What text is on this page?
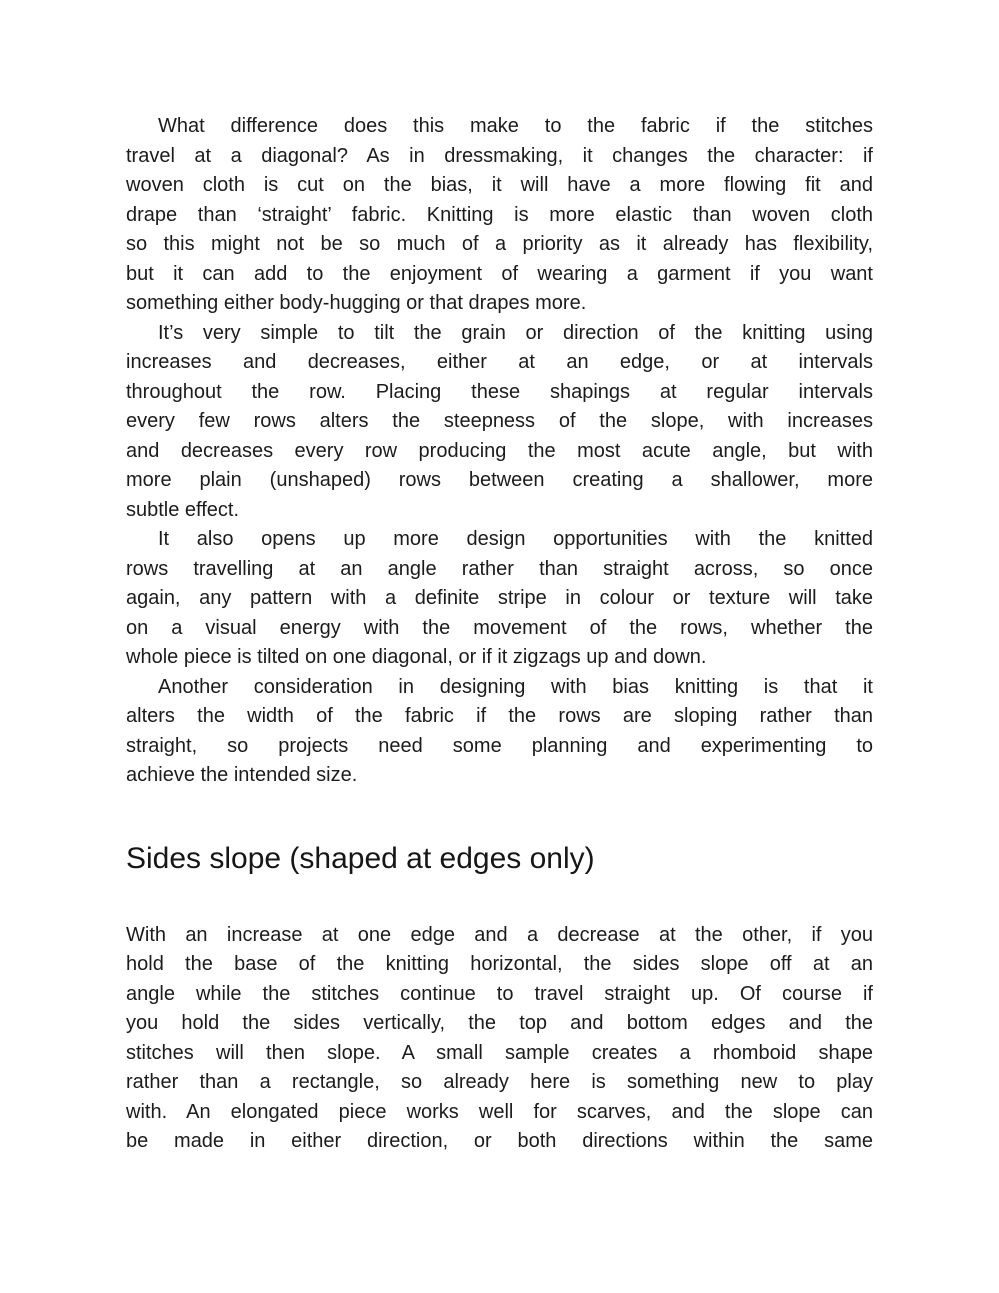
What difference does this make to the fabric if the stitches
travel at a diagonal? As in dressmaking, it changes the character: if
woven cloth is cut on the bias, it will have a more flowing fit and
drape than ‘straight’ fabric. Knitting is more elastic than woven cloth
so this might not be so much of a priority as it already has flexibility,
but it can add to the enjoyment of wearing a garment if you want
something either body-hugging or that drapes more.

It’s very simple to tilt the grain or direction of the knitting using
increases and decreases, either at an edge, or at intervals
throughout the row. Placing these shapings at regular intervals
every few rows alters the steepness of the slope, with increases
and decreases every row producing the most acute angle, but with
more plain (unshaped) rows between creating a shallower, more
subtle effect.

It also opens up more design opportunities with the knitted
rows travelling at an angle rather than straight across, so once
again, any pattern with a definite stripe in colour or texture will take
on a visual energy with the movement of the rows, whether the
whole piece is tilted on one diagonal, or if it zigzags up and down.

Another consideration in designing with bias knitting is that it
alters the width of the fabric if the rows are sloping rather than
straight, so projects need some planning and experimenting to
achieve the intended size.

Sides slope (shaped at edges only)

With an increase at one edge and a decrease at the other, if you
hold the base of the knitting horizontal, the sides slope off at an
angle while the stitches continue to travel straight up. Of course if
you hold the sides vertically, the top and bottom edges and the
stitches will then slope. A small sample creates a rhomboid shape
rather than a rectangle, so already here is something new to play
with. An elongated piece works well for scarves, and the slope can
be made in either direction, or both directions within the same
